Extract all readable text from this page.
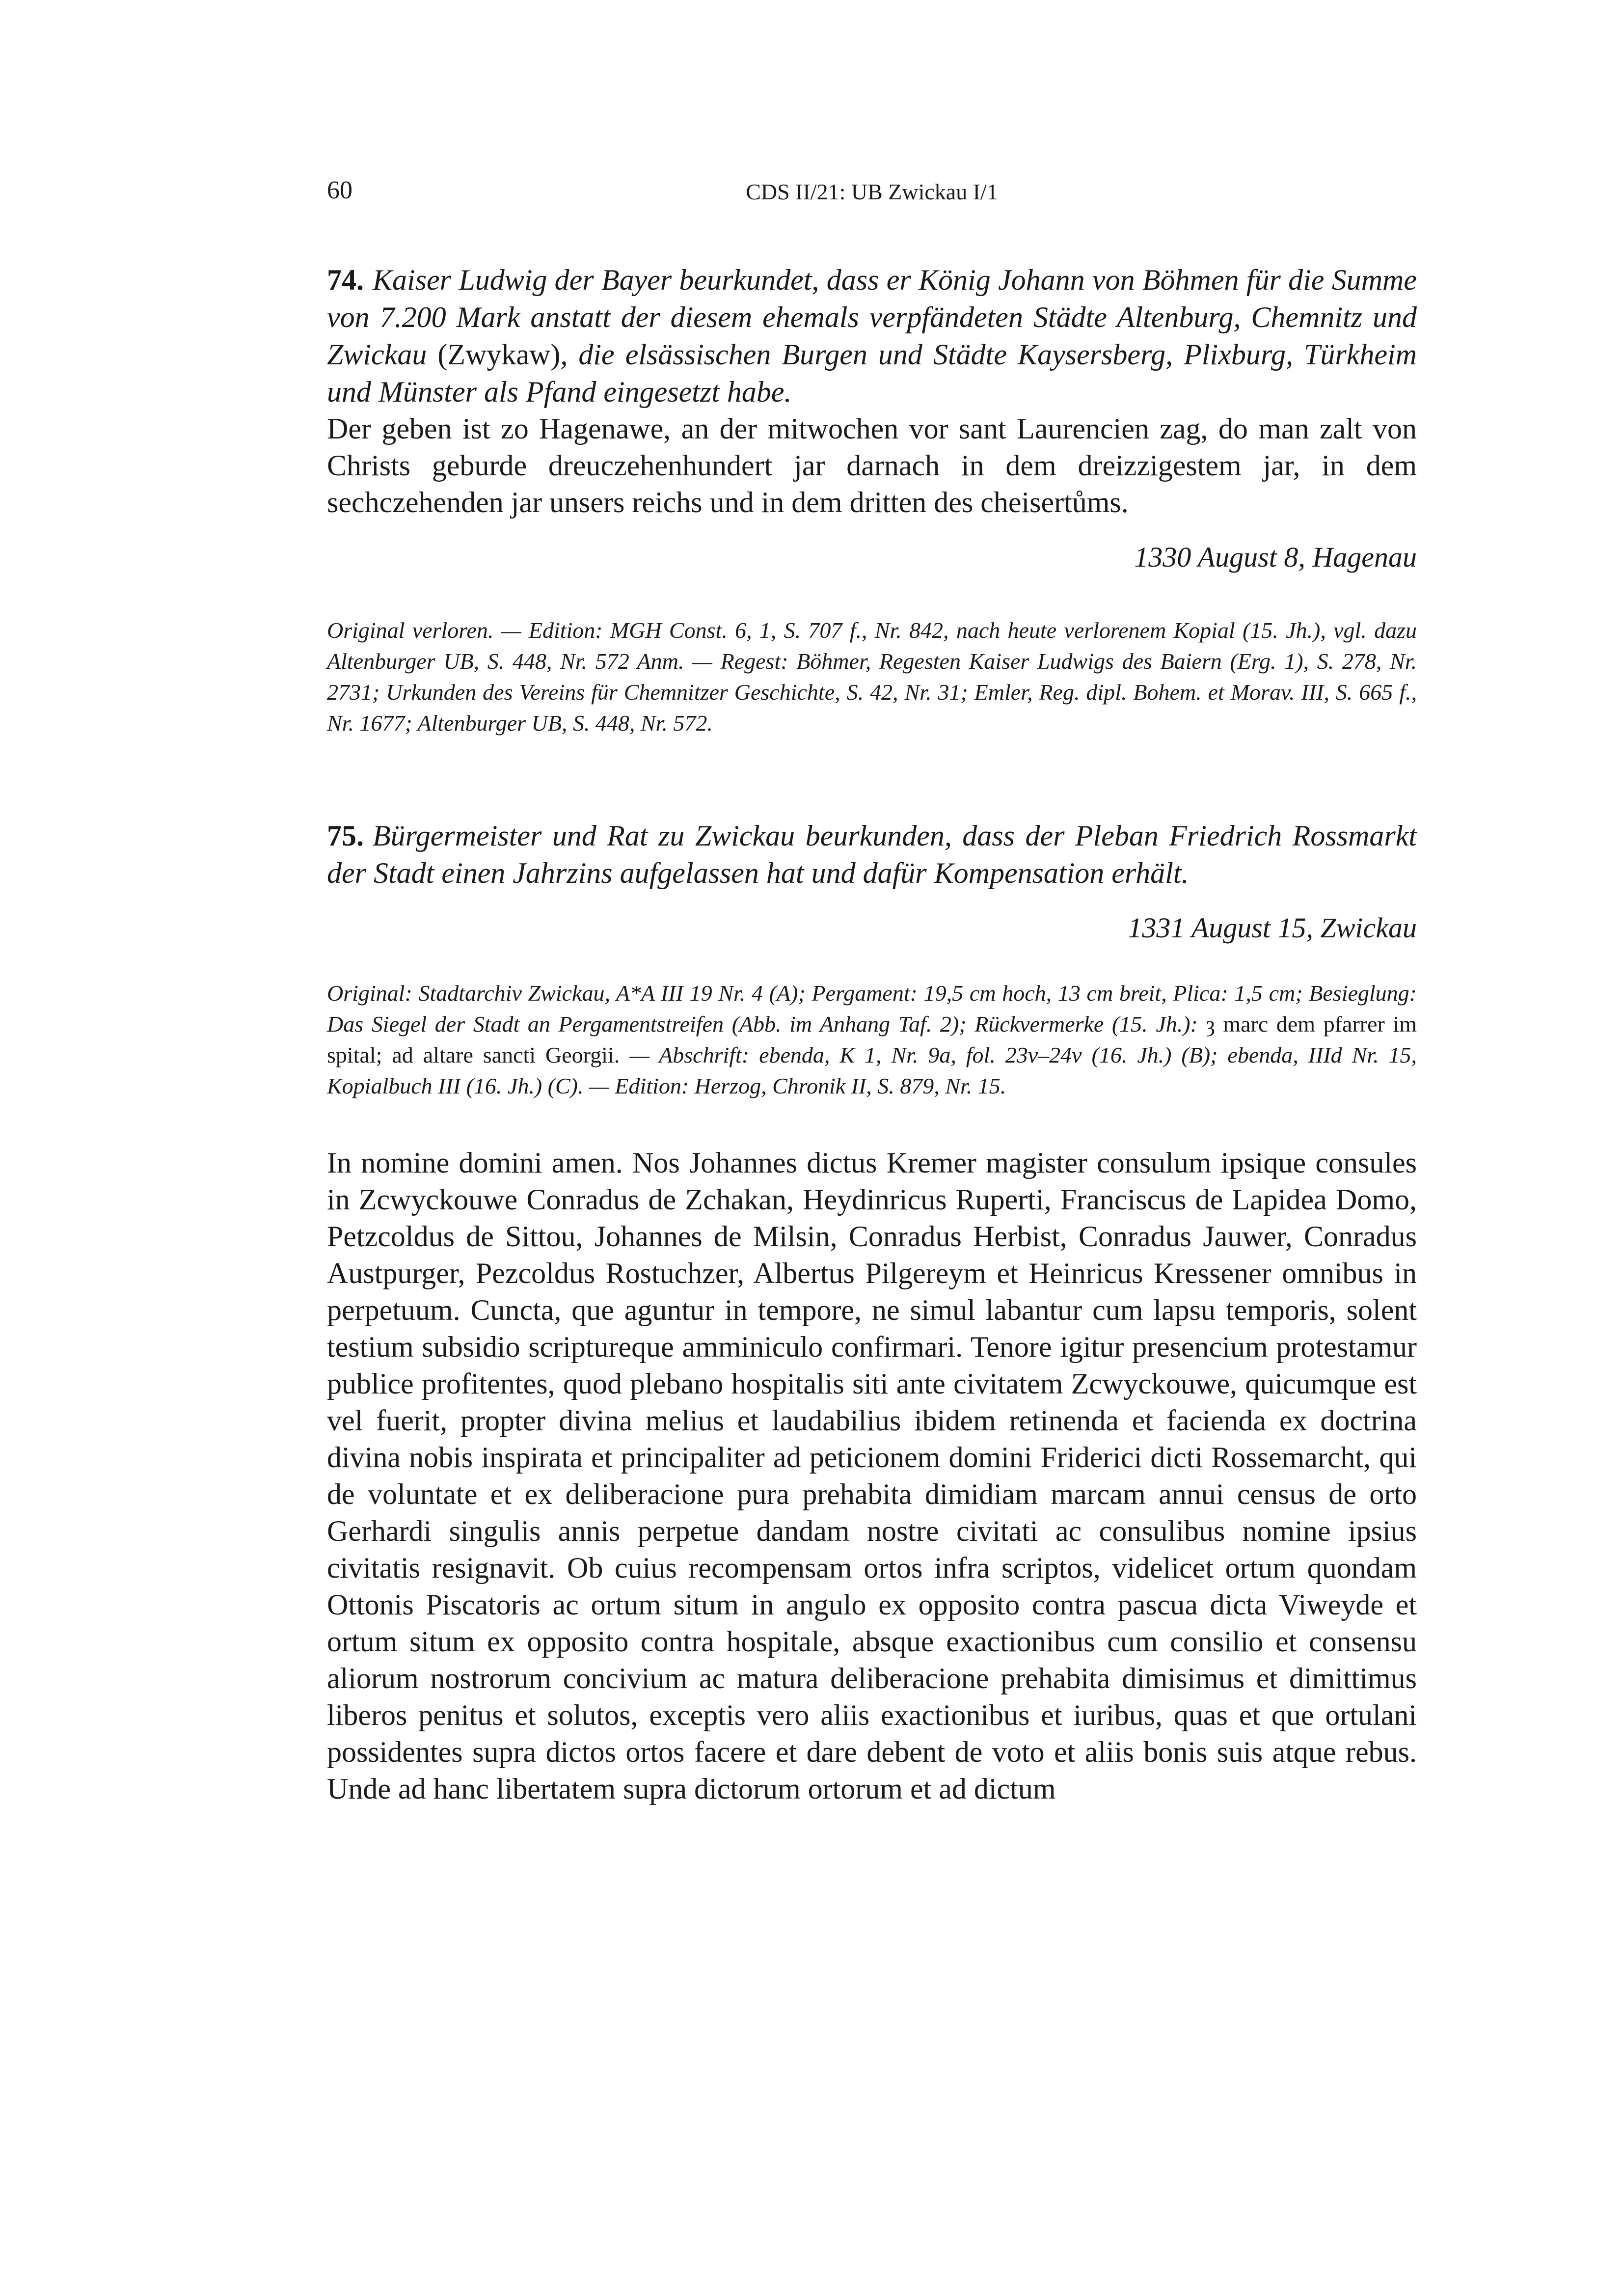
60	CDS II/21: UB Zwickau I/1
74. Kaiser Ludwig der Bayer beurkundet, dass er König Johann von Böhmen für die Summe von 7.200 Mark anstatt der diesem ehemals verpfändeten Städte Altenburg, Chemnitz und Zwickau (Zwykaw), die elsässischen Burgen und Städte Kaysersberg, Plixburg, Türkheim und Münster als Pfand eingesetzt habe.
Der geben ist zo Hagenawe, an der mitwochen vor sant Laurencien zag, do man zalt von Christs geburde dreuczehenhundert jar darnach in dem dreizzigestem jar, in dem sechczehenden jar unsers reichs und in dem dritten des cheisertůms.
1330 August 8, Hagenau
Original verloren. — Edition: MGH Const. 6, 1, S. 707 f., Nr. 842, nach heute verlorenem Kopial (15. Jh.), vgl. dazu Altenburger UB, S. 448, Nr. 572 Anm. — Regest: Böhmer, Regesten Kaiser Ludwigs des Baiern (Erg. 1), S. 278, Nr. 2731; Urkunden des Vereins für Chemnitzer Geschichte, S. 42, Nr. 31; Emler, Reg. dipl. Bohem. et Morav. III, S. 665 f., Nr. 1677; Altenburger UB, S. 448, Nr. 572.
75. Bürgermeister und Rat zu Zwickau beurkunden, dass der Pleban Friedrich Rossmarkt der Stadt einen Jahrzins aufgelassen hat und dafür Kompensation erhält.
1331 August 15, Zwickau
Original: Stadtarchiv Zwickau, A*A III 19 Nr. 4 (A); Pergament: 19,5 cm hoch, 13 cm breit, Plica: 1,5 cm; Besieglung: Das Siegel der Stadt an Pergamentstreifen (Abb. im Anhang Taf. 2); Rückvermerke (15. Jh.): ȝ marc dem pfarrer im spital; ad altare sancti Georgii. — Abschrift: ebenda, K 1, Nr. 9a, fol. 23v–24v (16. Jh.) (B); ebenda, IIId Nr. 15, Kopialbuch III (16. Jh.) (C). — Edition: Herzog, Chronik II, S. 879, Nr. 15.
In nomine domini amen. Nos Johannes dictus Kremer magister consulum ipsique consules in Zcwyckouwe Conradus de Zchakan, Heydinricus Ruperti, Franciscus de Lapidea Domo, Petzcoldus de Sittou, Johannes de Milsin, Conradus Herbist, Conradus Jauwer, Conradus Austpurger, Pezcoldus Rostuchzer, Albertus Pilgereym et Heinricus Kressener omnibus in perpetuum. Cuncta, que aguntur in tempore, ne simul labantur cum lapsu temporis, solent testium subsidio scriptureque amminiculo confirmari. Tenore igitur presencium protestamur publice profitentes, quod plebano hospitalis siti ante civitatem Zcwyckouwe, quicumque est vel fuerit, propter divina melius et laudabilius ibidem retinenda et facienda ex doctrina divina nobis inspirata et principaliter ad peticionem domini Friderici dicti Rossemarcht, qui de voluntate et ex deliberacione pura prehabita dimidiam marcam annui census de orto Gerhardi singulis annis perpetue dandam nostre civitati ac consulibus nomine ipsius civitatis resignavit. Ob cuius recompensam ortos infra scriptos, videlicet ortum quondam Ottonis Piscatoris ac ortum situm in angulo ex opposito contra pascua dicta Viweyde et ortum situm ex opposito contra hospitale, absque exactionibus cum consilio et consensu aliorum nostrorum concivium ac matura deliberacione prehabita dimisimus et dimittimus liberos penitus et solutos, exceptis vero aliis exactionibus et iuribus, quas et que ortulani possidentes supra dictos ortos facere et dare debent de voto et aliis bonis suis atque rebus. Unde ad hanc libertatem supra dictorum ortorum et ad dictum
